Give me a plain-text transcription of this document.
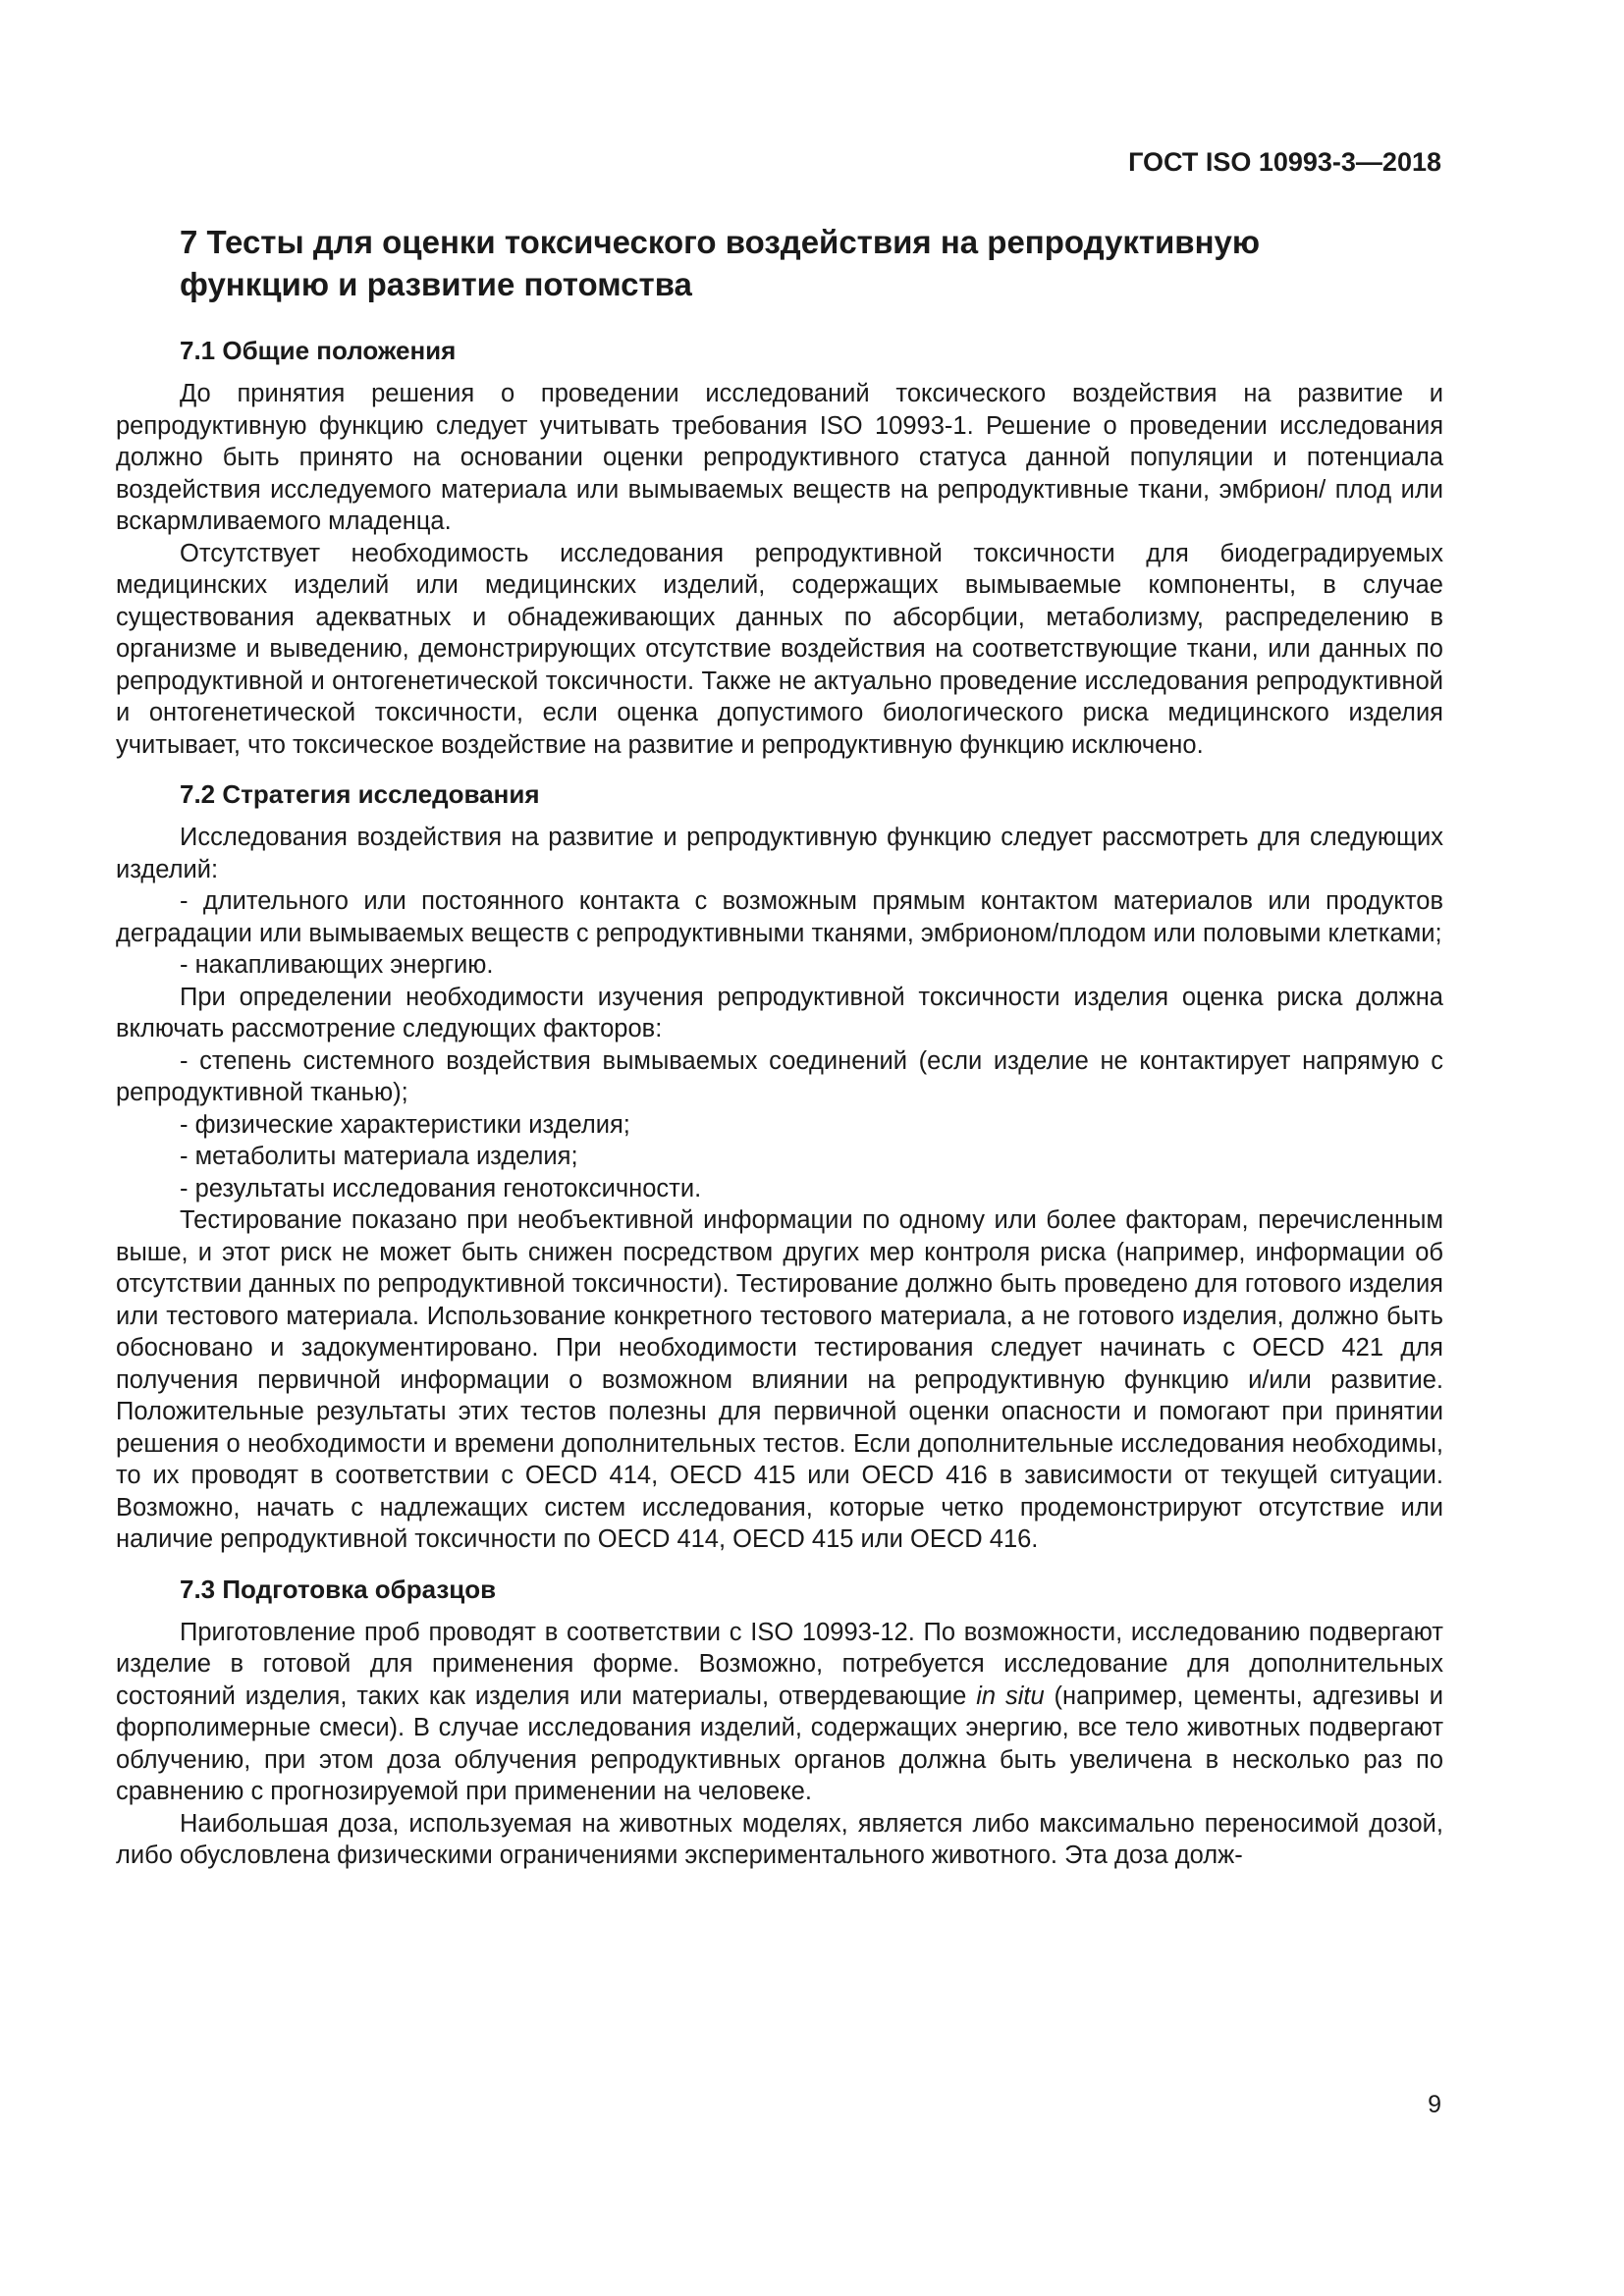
ГОСТ ISO 10993-3—2018
7 Тесты для оценки токсического воздействия на репродуктивную
функцию и развитие потомства
7.1 Общие положения

До принятия решения о проведении исследований токсического воздействия на развитие и репродуктивную функцию следует учитывать требования ISO 10993-1. Решение о проведении исследования должно быть принято на основании оценки репродуктивного статуса данной популяции и потенциала воздействия исследуемого материала или вымываемых веществ на репродуктивные ткани, эмбрион/ плод или вскармливаемого младенца.

Отсутствует необходимость исследования репродуктивной токсичности для биодеградируемых медицинских изделий или медицинских изделий, содержащих вымываемые компоненты, в случае существования адекватных и обнадеживающих данных по абсорбции, метаболизму, распределению в организме и выведению, демонстрирующих отсутствие воздействия на соответствующие ткани, или данных по репродуктивной и онтогенетической токсичности. Также не актуально проведение исследования репродуктивной и онтогенетической токсичности, если оценка допустимого биологического риска медицинского изделия учитывает, что токсическое воздействие на развитие и репродуктивную функцию исключено.

7.2 Стратегия исследования

Исследования воздействия на развитие и репродуктивную функцию следует рассмотреть для следующих изделий:

- длительного или постоянного контакта с возможным прямым контактом материалов или продуктов деградации или вымываемых веществ с репродуктивными тканями, эмбрионом/плодом или половыми клетками;

- накапливающих энергию.

При определении необходимости изучения репродуктивной токсичности изделия оценка риска должна включать рассмотрение следующих факторов:

- степень системного воздействия вымываемых соединений (если изделие не контактирует напрямую с репродуктивной тканью);

- физические характеристики изделия;

- метаболиты материала изделия;

- результаты исследования генотоксичности.

Тестирование показано при необъективной информации по одному или более факторам, перечисленным выше, и этот риск не может быть снижен посредством других мер контроля риска (например, информации об отсутствии данных по репродуктивной токсичности). Тестирование должно быть проведено для готового изделия или тестового материала. Использование конкретного тестового материала, а не готового изделия, должно быть обосновано и задокументировано. При необходимости тестирования следует начинать с OECD 421 для получения первичной информации о возможном влиянии на репродуктивную функцию и/или развитие. Положительные результаты этих тестов полезны для первичной оценки опасности и помогают при принятии решения о необходимости и времени дополнительных тестов. Если дополнительные исследования необходимы, то их проводят в соответствии с OECD 414, OECD 415 или OECD 416 в зависимости от текущей ситуации. Возможно, начать с надлежащих систем исследования, которые четко продемонстрируют отсутствие или наличие репродуктивной токсичности по OECD 414, OECD 415 или OECD 416.

7.3 Подготовка образцов

Приготовление проб проводят в соответствии с ISO 10993-12. По возможности, исследованию подвергают изделие в готовой для применения форме. Возможно, потребуется исследование для дополнительных состояний изделия, таких как изделия или материалы, отвердевающие in situ (например, цементы, адгезивы и форполимерные смеси). В случае исследования изделий, содержащих энергию, все тело животных подвергают облучению, при этом доза облучения репродуктивных органов должна быть увеличена в несколько раз по сравнению с прогнозируемой при применении на человеке.

Наибольшая доза, используемая на животных моделях, является либо максимально переносимой дозой, либо обусловлена физическими ограничениями экспериментального животного. Эта доза долж-

9
